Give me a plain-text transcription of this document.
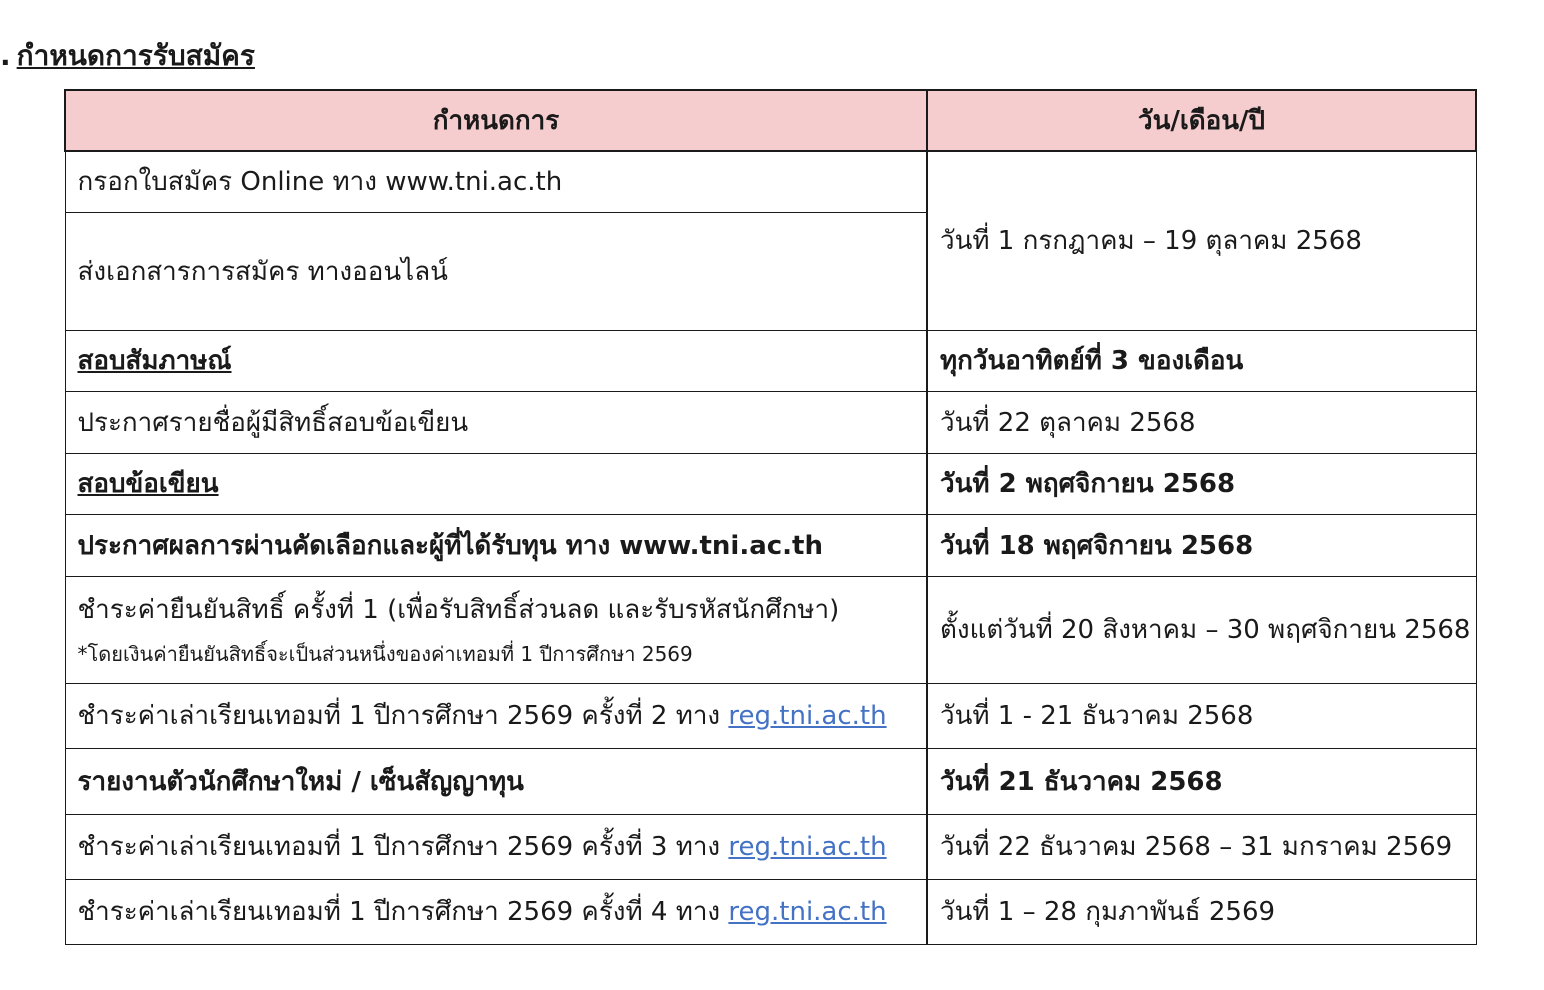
. กำหนดการรับสมัคร
กำหนดการ	วัน/เดือน/ปี
กรอกใบสมัคร Online ทาง www.tni.ac.th	วันที่ 1 กรกฎาคม – 19 ตุลาคม 2568
ส่งเอกสารการสมัคร ทางออนไลน์	
สอบสัมภาษณ์	ทุกวันอาทิตย์ที่ 3 ของเดือน
ประกาศรายชื่อผู้มีสิทธิ์สอบข้อเขียน	วันที่ 22 ตุลาคม 2568
สอบข้อเขียน	วันที่ 2 พฤศจิกายน 2568
ประกาศผลการผ่านคัดเลือกและผู้ที่ได้รับทุน ทาง www.tni.ac.th	วันที่ 18 พฤศจิกายน 2568

ชำระค่ายืนยันสิทธิ์ ครั้งที่ 1 (เพื่อรับสิทธิ์ส่วนลด และรับรหัสนักศึกษา)
*โดยเงินค่ายืนยันสิทธิ์จะเป็นส่วนหนึ่งของค่าเทอมที่ 1 ปีการศึกษา 2569	ตั้งแต่วันที่ 20 สิงหาคม – 30 พฤศจิกายน 2568
ชำระค่าเล่าเรียนเทอมที่ 1 ปีการศึกษา 2569 ครั้งที่ 2 ทาง reg.tni.ac.th	วันที่ 1 - 21 ธันวาคม 2568
รายงานตัวนักศึกษาใหม่ / เซ็นสัญญาทุน	วันที่ 21 ธันวาคม 2568
ชำระค่าเล่าเรียนเทอมที่ 1 ปีการศึกษา 2569 ครั้งที่ 3 ทาง reg.tni.ac.th	วันที่ 22 ธันวาคม 2568 – 31 มกราคม 2569
ชำระค่าเล่าเรียนเทอมที่ 1 ปีการศึกษา 2569 ครั้งที่ 4 ทาง reg.tni.ac.th	วันที่ 1 – 28 กุมภาพันธ์ 2569
